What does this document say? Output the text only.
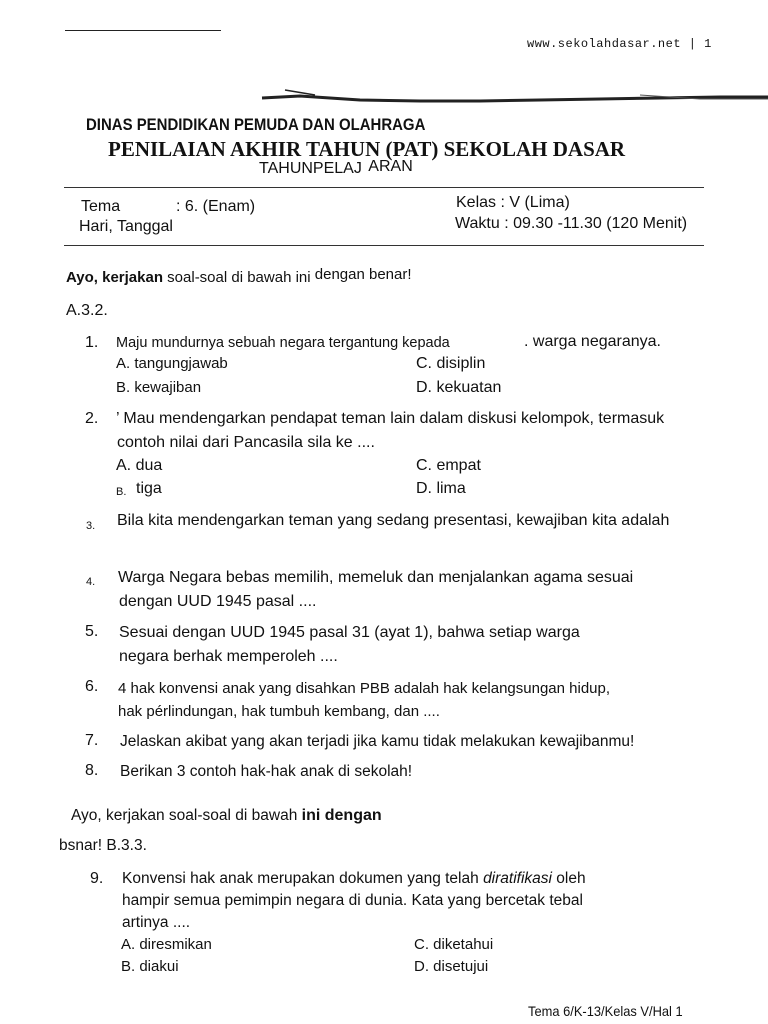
www.sekolahdasar.net | 1
DINAS PENDIDIKAN PEMUDA DAN OLAHRAGA
PENILAIAN AKHIR TAHUN (PAT) SEKOLAH DASAR
TAHUNPELAJ ARAN
Tema	: 6. (Enam)
Hari, Tanggal
Kelas : V (Lima)
Waktu : 09.30 -11.30 (120 Menit)
Ayo, kerjakan soal-soal di bawah ini dengan benar!
A.3.2.
1. Maju mundurnya sebuah negara tergantung kepada	. warga negaranya.
A. tangungjawab
B. kewajiban
C. disiplin
D. kekuatan
2. ’ Mau mendengarkan pendapat teman lain dalam diskusi kelompok, termasuk
contoh nilai dari Pancasila sila ke ....
A. dua
B. tiga
C. empat
D. lima
3. Bila kita mendengarkan teman yang sedang presentasi, kewajiban kita adalah
4. Warga Negara bebas memilih, memeluk dan menjalankan agama sesuai
dengan UUD 1945 pasal ....
5. Sesuai dengan UUD 1945 pasal 31 (ayat 1), bahwa setiap warga
negara berhak memperoleh ....
6. 4 hak konvensi anak yang disahkan PBB adalah hak kelangsungan hidup,
hak pérlindungan, hak tumbuh kembang, dan ....
7. Jelaskan akibat yang akan terjadi jika kamu tidak melakukan kewajibanmu!
8. Berikan 3 contoh hak-hak anak di sekolah!
Ayo, kerjakan soal-soal di bawah ini dengan
bsnar! B.3.3.
9. Konvensi hak anak merupakan dokumen yang telah diratifikasi oleh
hampir semua pemimpin negara di dunia. Kata yang bercetak tebal
artinya ....
A. diresmikan
B. diakui
C. diketahui
D. disetujui
Tema 6/K-13/Kelas V/Hal 1
